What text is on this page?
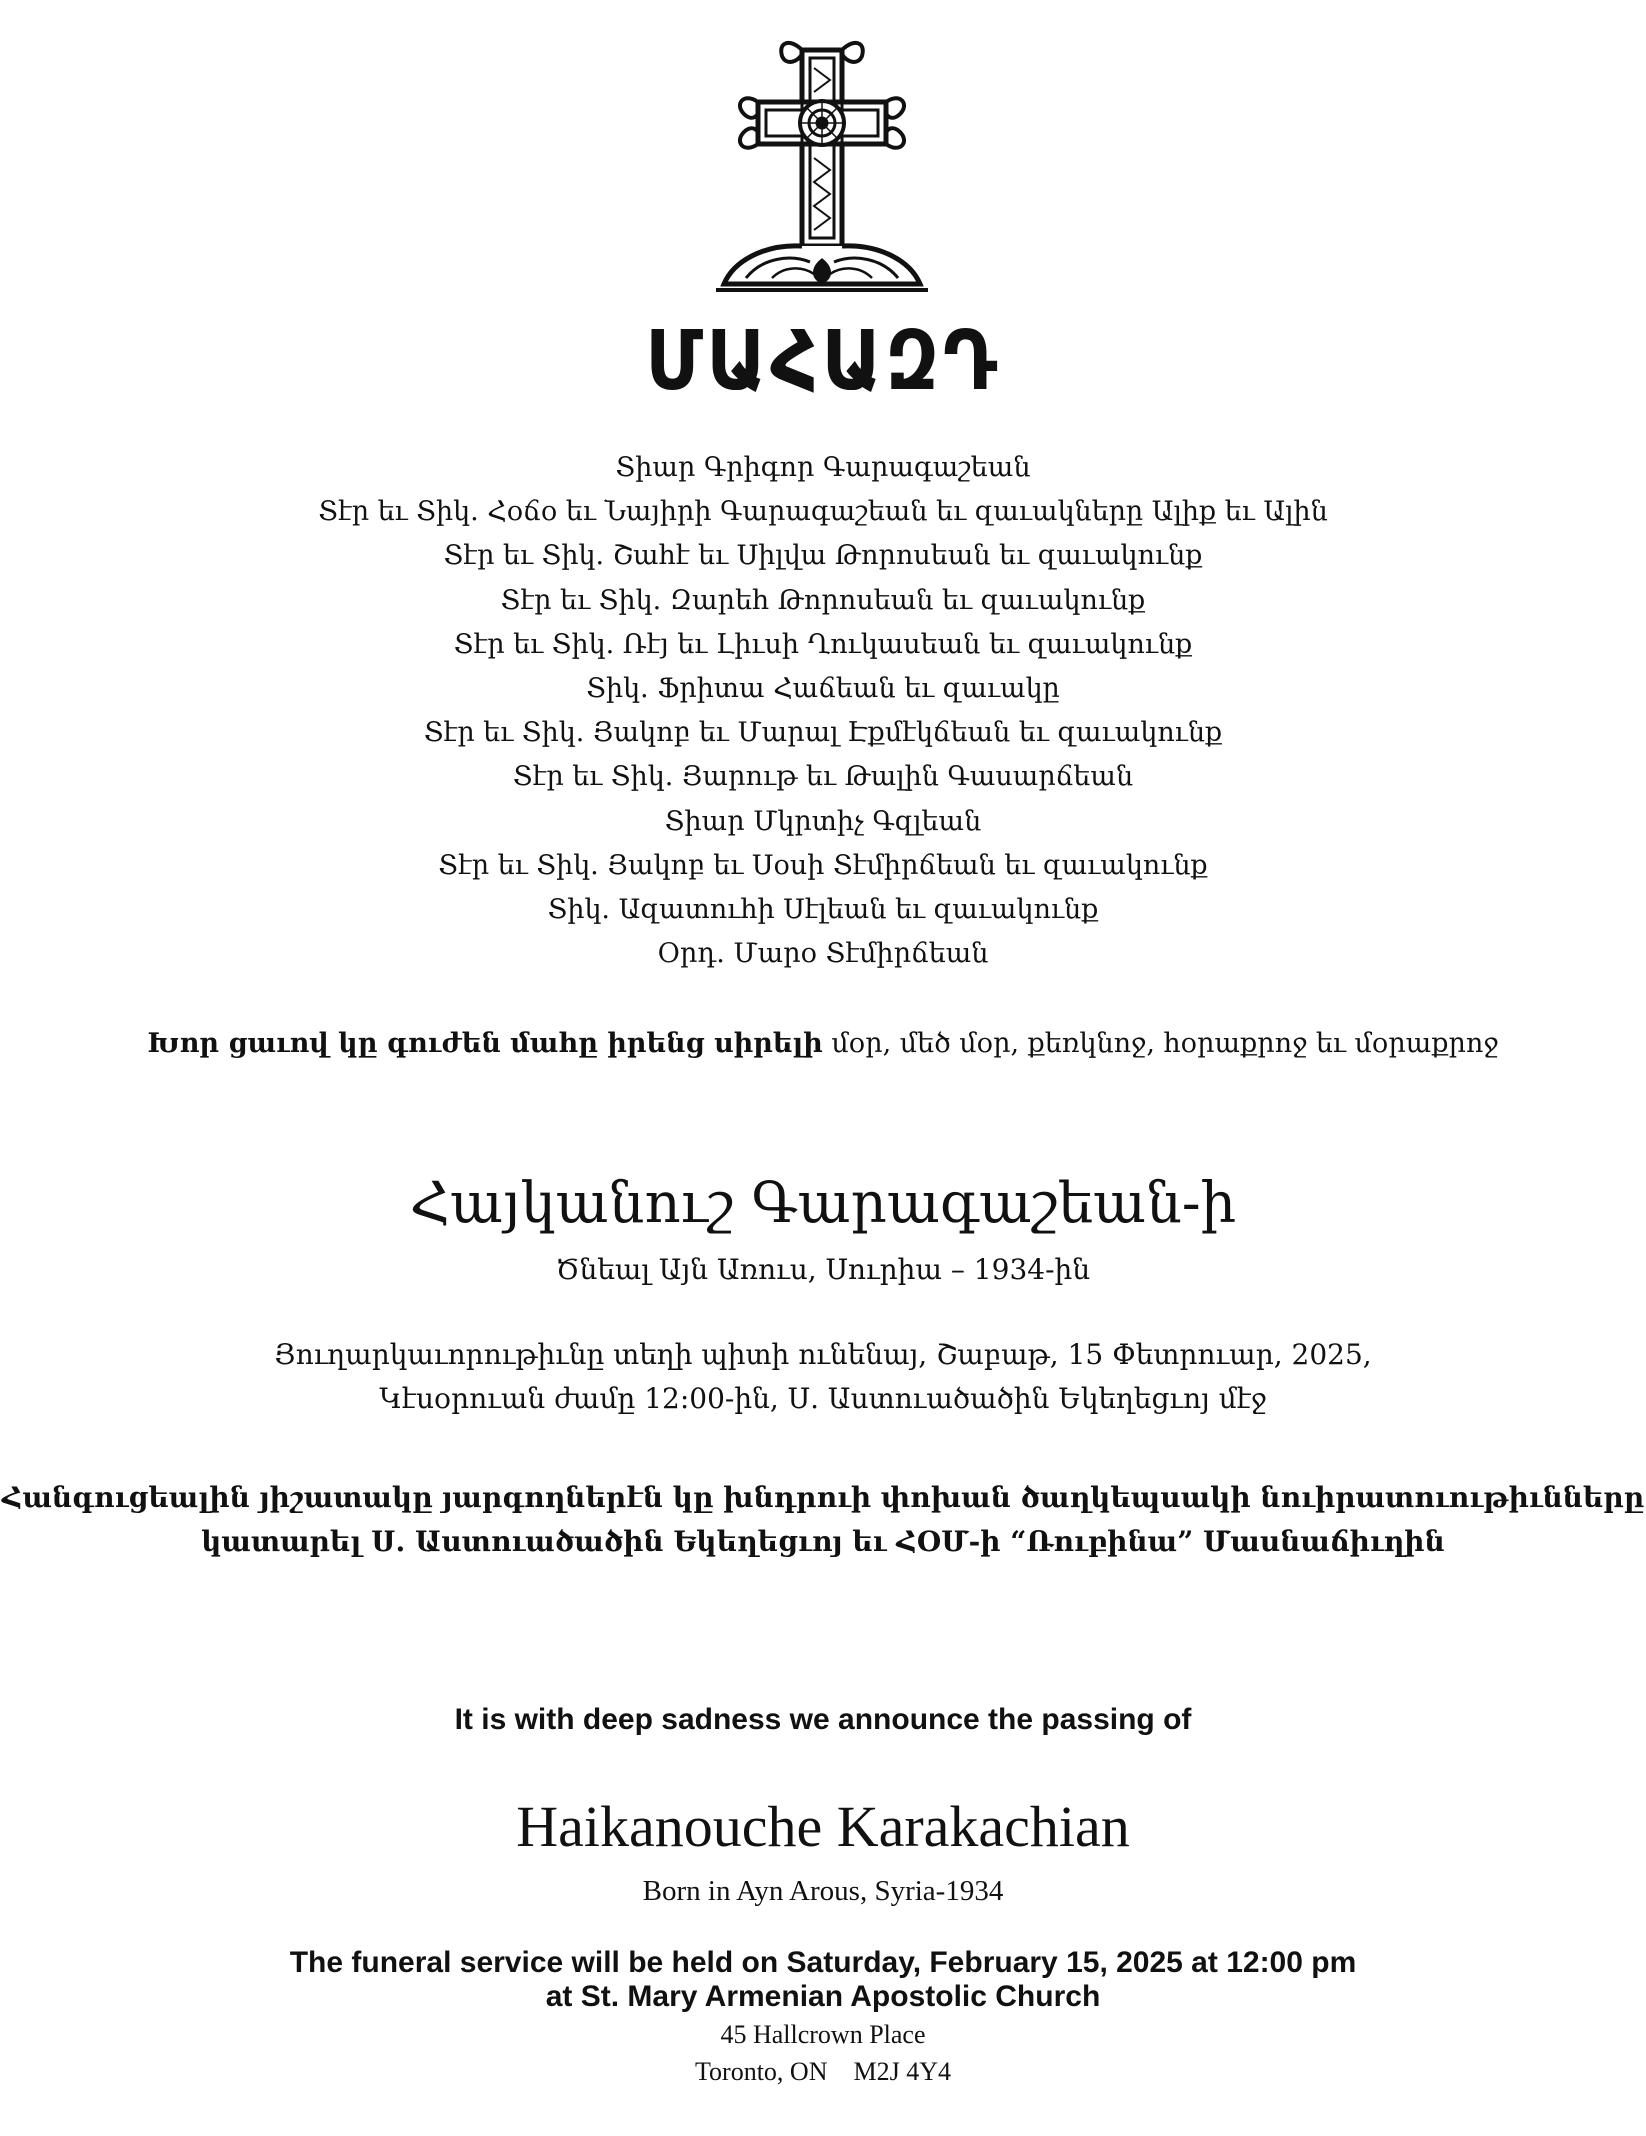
ՄԱՀԱԶԴ
Տիար Գրիգոր Գարագաշեան
Տէր եւ Տիկ. Հօճօ եւ Նայիրի Գարագաշեան եւ զաւակները Ալիք եւ Ալին
Տէր եւ Տիկ. Շահէ եւ Սիլվա Թորոսեան եւ զաւակունք
Տէր եւ Տիկ. Զարեհ Թորոսեան եւ զաւակունք
Տէր եւ Տիկ. Ռէյ եւ Լիւսի Ղուկասեան եւ զաւակունք
Տիկ. Ֆրիտա Հաճեան եւ զաւակը
Տէր եւ Տիկ. Յակոբ եւ Մարալ Էքմէկճեան եւ զաւակունք
Տէր եւ Տիկ. Յարութ եւ Թալին Գասարճեան
Տիար Մկրտիչ Գզլեան
Տէր եւ Տիկ. Յակոբ եւ Սօսի Տէմիրճեան եւ զաւակունք
Տիկ. Ազատուհի Սէլեան եւ զաւակունք
Օրդ. Մարօ Տէմիրճեան
Խոր ցաւով կը գուժեն մահը իրենց սիրելի մօր, մեծ մօր, քեռկնոջ, հօրաքրոջ եւ մօրաքրոջ
Հայկանուշ Գարագաշեան-ի
Ծնեալ Այն Առուս, Սուրիա – 1934-ին
Յուղարկաւորութիւնը տեղի պիտի ունենայ, Շաբաթ, 15 Փետրուար, 2025,
Կէսօրուան ժամը 12:00-ին, Ս. Աստուածածին Եկեղեցւոյ մէջ
Հանգուցեալին յիշատակը յարգողներէն կը խնդրուի փոխան ծաղկեպսակի նուիրատուութիւնները
կատարել Ս. Աստուածածին Եկեղեցւոյ եւ ՀՕՄ-ի “Ռուբինա” Մասնաճիւղին
It is with deep sadness we announce the passing of
Haikanouche Karakachian
Born in Ayn Arous, Syria-1934
The funeral service will be held on Saturday, February 15, 2025 at 12:00 pm
at St. Mary Armenian Apostolic Church
45 Hallcrown Place
Toronto, ON    M2J 4Y4
